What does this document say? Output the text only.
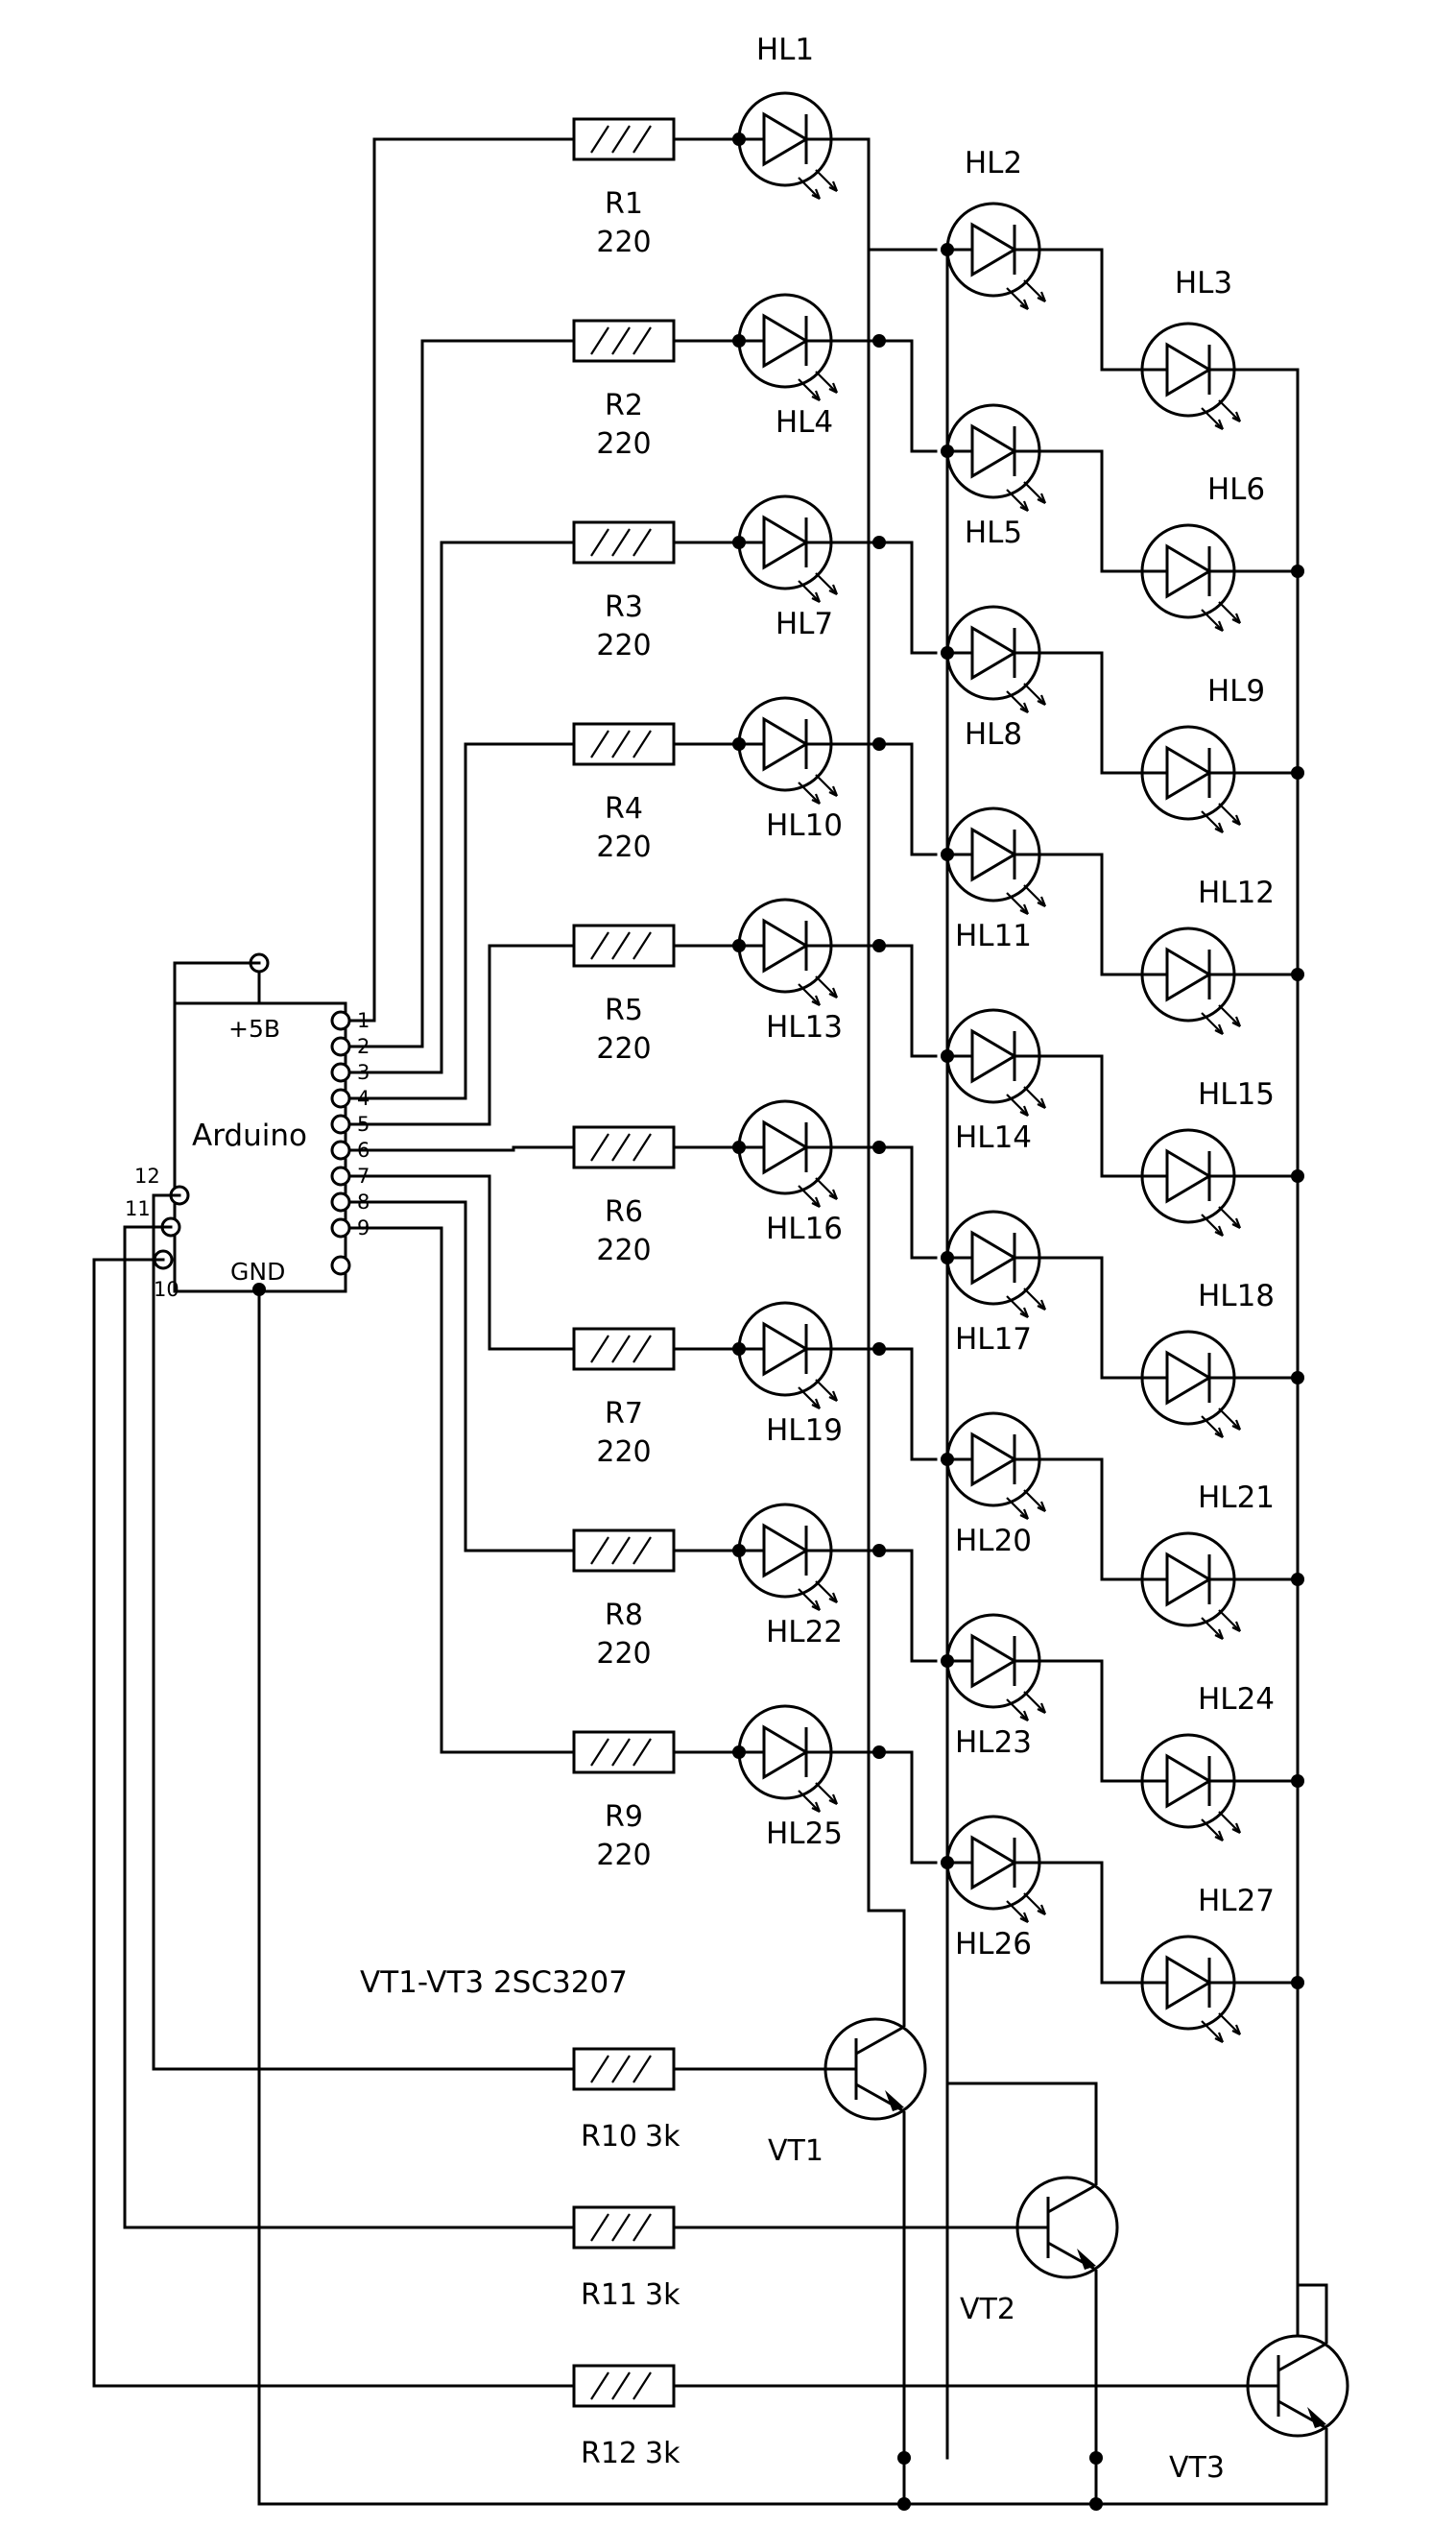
R1
220
R2
220
R3
220
R4
220
R5
220
R6
220
R7
220
R8
220
R9
220
R10 3k
R11 3k
R12 3k
VT1
VT2
VT3
VT1-VT3 2SC3207
HL1
HL4
HL7
HL10
HL13
HL16
HL19
HL22
HL25
HL2
HL5
HL8
HL11
HL14
HL17
HL20
HL23
HL26
HL3
HL6
HL9
HL12
HL15
HL18
HL21
HL24
HL27
Arduino
+5B
GND
1
2
3
4
5
6
7
8
9
12
11
10
